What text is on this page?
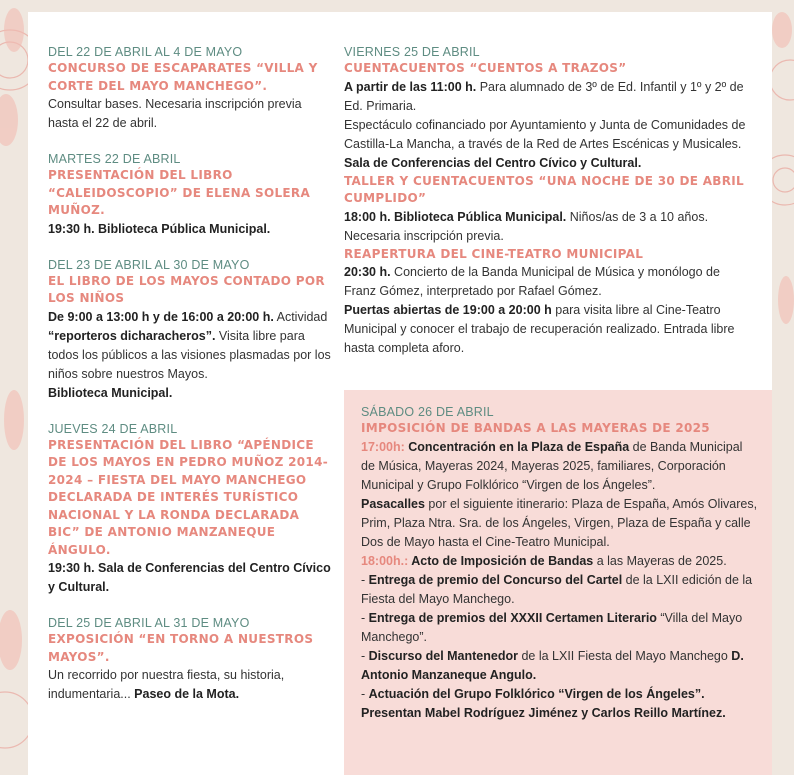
DEL 22 DE ABRIL AL 4 DE MAYO
CONCURSO DE ESCAPARATES “VILLA Y CORTE DEL MAYO MANCHEGO”.
Consultar bases. Necesaria inscripción previa hasta el 22 de abril.
MARTES 22 DE ABRIL
PRESENTACIÓN DEL LIBRO “CALEIDOSCOPIO” DE ELENA SOLERA MUÑOZ.
19:30 h. Biblioteca Pública Municipal.
DEL 23 DE ABRIL AL 30 DE MAYO
EL LIBRO DE LOS MAYOS CONTADO POR LOS NIÑOS
De 9:00 a 13:00 h y de 16:00 a 20:00 h. Actividad “reporteros dicharacheros”. Visita libre para todos los públicos a las visiones plasmadas por los niños sobre nuestros Mayos.
Biblioteca Municipal.
JUEVES 24 DE ABRIL
PRESENTACIÓN DEL LIBRO “APÉNDICE DE LOS MAYOS EN PEDRO MUÑOZ 2014-2024 – FIESTA DEL MAYO MANCHEGO DECLARADA DE INTERÉS TURÍSTICO NACIONAL Y LA RONDA DECLARADA BIC” DE ANTONIO MANZANEQUE ÁNGULO.
19:30 h. Sala de Conferencias del Centro Cívico y Cultural.
DEL 25 DE ABRIL AL 31 DE MAYO
EXPOSICIÓN “EN TORNO A NUESTROS MAYOS”.
Un recorrido por nuestra fiesta, su historia, indumentaria... Paseo de la Mota.
VIERNES 25 DE ABRIL
CUENTACUENTOS “CUENTOS A TRAZOS”
A partir de las 11:00 h. Para alumnado de 3º de Ed. Infantil y 1º y 2º de Ed. Primaria.
Espectáculo cofinanciado por Ayuntamiento y Junta de Comunidades de Castilla-La Mancha, a través de la Red de Artes Escénicas y Musicales. Sala de Conferencias del Centro Cívico y Cultural.
TALLER Y CUENTACUENTOS “UNA NOCHE DE 30 DE ABRIL CUMPLIDO”
18:00 h. Biblioteca Pública Municipal. Niños/as de 3 a 10 años. Necesaria inscripción previa.
REAPERTURA DEL CINE-TEATRO MUNICIPAL
20:30 h. Concierto de la Banda Municipal de Música y monólogo de Franz Gómez, interpretado por Rafael Gómez.
Puertas abiertas de 19:00 a 20:00 h para visita libre al Cine-Teatro Municipal y conocer el trabajo de recuperación realizado. Entrada libre hasta completa aforo.
SÁBADO 26 DE ABRIL
IMPOSICIÓN DE BANDAS A LAS MAYERAS DE 2025
17:00h: Concentración en la Plaza de España de Banda Municipal de Música, Mayeras 2024, Mayeras 2025, familiares, Corporación Municipal y Grupo Folklórico “Virgen de los Ángeles”.
Pasacalles por el siguiente itinerario: Plaza de España, Amós Olivares, Prim, Plaza Ntra. Sra. de los Ángeles, Virgen, Plaza de España y calle Dos de Mayo hasta el Cine-Teatro Municipal.
18:00h.: Acto de Imposición de Bandas a las Mayeras de 2025.
- Entrega de premio del Concurso del Cartel de la LXII edición de la Fiesta del Mayo Manchego.
- Entrega de premios del XXXII Certamen Literario “Villa del Mayo Manchego”.
- Discurso del Mantenedor de la LXII Fiesta del Mayo Manchego D. Antonio Manzaneque Angulo.
- Actuación del Grupo Folklórico “Virgen de los Ángeles”.
Presentan Mabel Rodríguez Jiménez y Carlos Reillo Martínez.
